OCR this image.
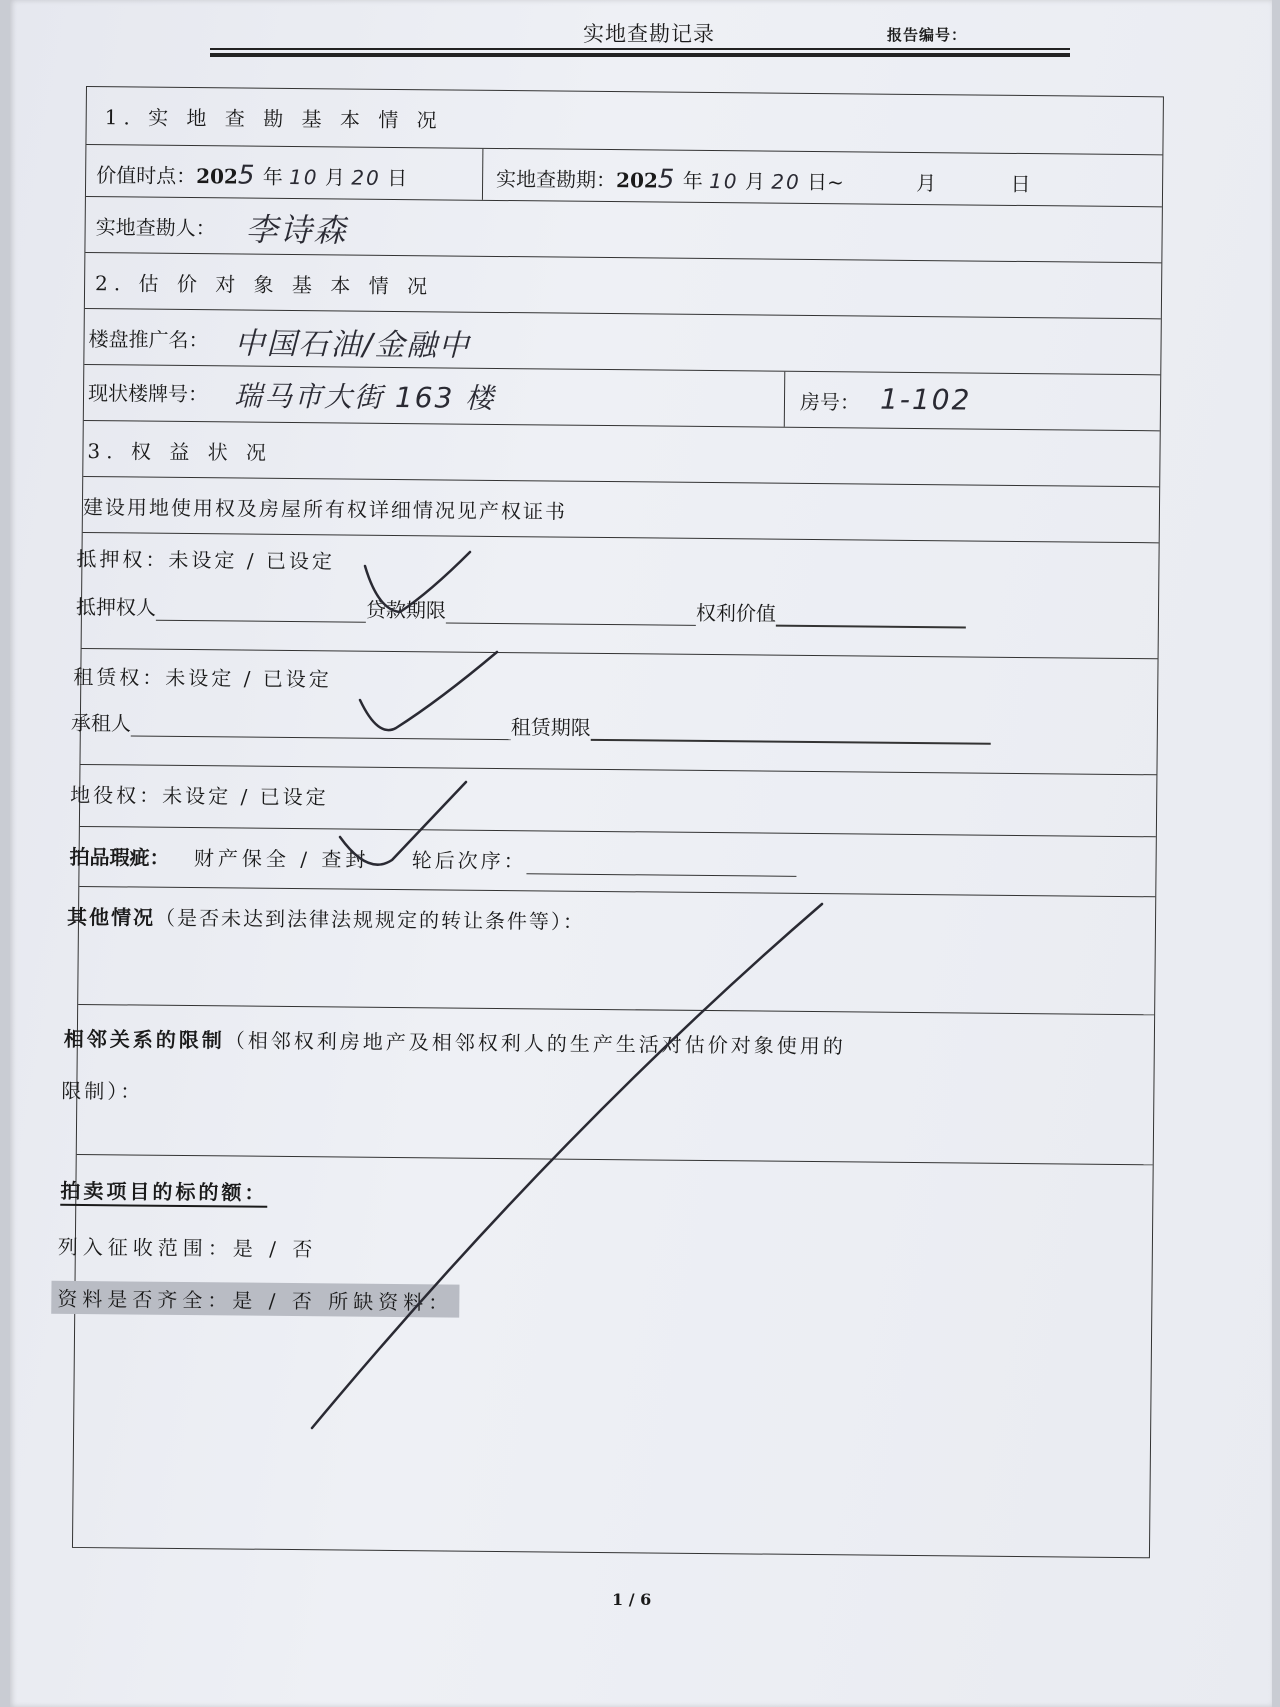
实地查勘记录	报告编号：
1. 实 地 查 勘 基 本 情 况
价值时点：2025 年 10 月 20 日	实地查勘期：2025 年 10 月 20 日~	月	日
实地查勘人： 李诗森
2. 估 价 对 象 基 本 情 况
楼盘推广名： 中国石油/金融中
现状楼牌号： 瑞马市大街 163 楼	房号： 1-102
3. 权 益 状 况
建设用地使用权及房屋所有权详细情况见产权证书
抵押权：未设定 / 已设定
抵押权人	贷款期限	权利价值
租赁权：未设定 / 已设定
承租人	租赁期限
地役权：未设定 / 已设定
拍品瑕疵： 财产保全 / 查封 轮后次序：
其他情况（是否未达到法律法规规定的转让条件等）：
相邻关系的限制（相邻权利房地产及相邻权利人的生产生活对估价对象使用的
限制）：
拍卖项目的标的额：
列入征收范围：是 / 否
资料是否齐全：是 / 否 所缺资料：
1 / 6
